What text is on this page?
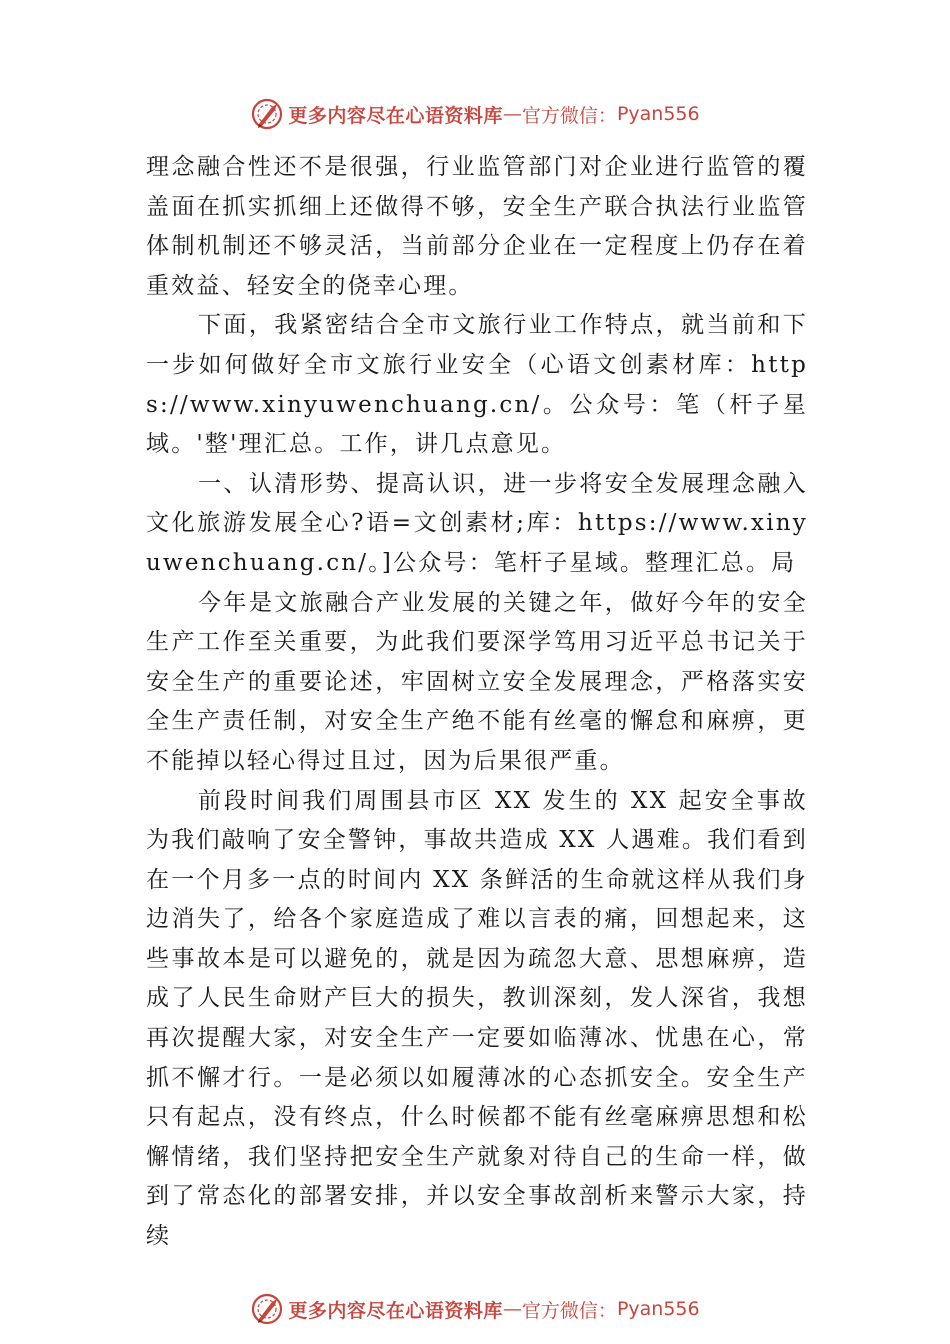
更多内容尽在心语资料库 — 官方微信： Pyan556

理念融合性还不是很强，行业监管部门对企业进行监管的覆盖面在抓实抓细上还做得不够，安全生产联合执法行业监管体制机制还不够灵活，当前部分企业在一定程度上仍存在着重效益、轻安全的侥幸心理。

下面，我紧密结合全市文旅行业工作特点，就当前和下一步如何做好全市文旅行业安全（心语文创素材库：https://www.xinyuwenchuang.cn/。公众号：笔（杆子星域。'整'理汇总。工作，讲几点意见。

一、认清形势、提高认识，进一步将安全发展理念融入文化旅游发展全心?语=文创素材;库：https://www.xinyuwenchuang.cn/。]公众号：笔杆子星域。整理汇总。局

今年是文旅融合产业发展的关键之年，做好今年的安全生产工作至关重要，为此我们要深学笃用习近平总书记关于安全生产的重要论述，牢固树立安全发展理念，严格落实安全生产责任制，对安全生产绝不能有丝毫的懈怠和麻痹，更不能掉以轻心得过且过，因为后果很严重。

前段时间我们周围县市区 XX 发生的 XX 起安全事故为我们敲响了安全警钟，事故共造成 XX 人遇难。我们看到在一个月多一点的时间内 XX 条鲜活的生命就这样从我们身边消失了，给各个家庭造成了难以言表的痛，回想起来，这些事故本是可以避免的，就是因为疏忽大意、思想麻痹，造成了人民生命财产巨大的损失，教训深刻，发人深省，我想再次提醒大家，对安全生产一定要如临薄冰、忧患在心，常抓不懈才行。一是必须以如履薄冰的心态抓安全。安全生产只有起点，没有终点，什么时候都不能有丝毫麻痹思想和松懈情绪，我们坚持把安全生产就象对待自己的生命一样，做到了常态化的部署安排，并以安全事故剖析来警示大家，持续

更多内容尽在心语资料库 — 官方微信： Pyan556
